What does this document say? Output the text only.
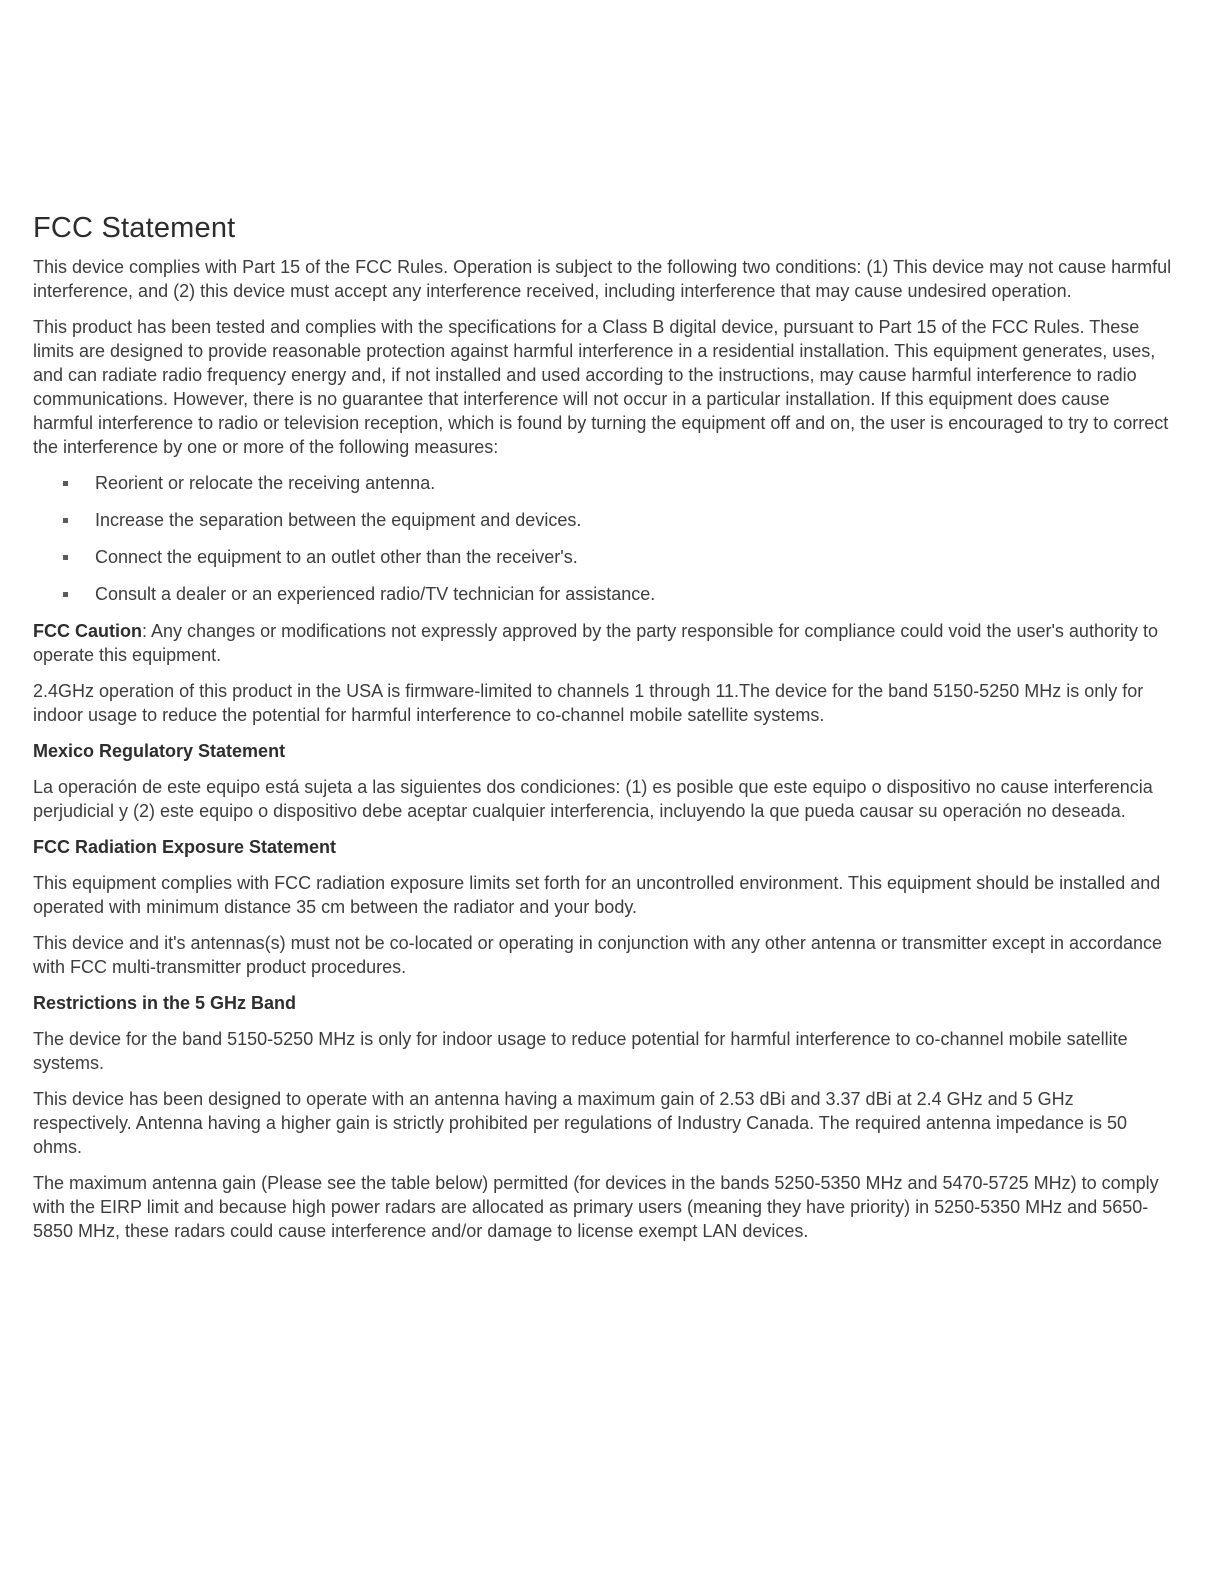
FCC Statement

This device complies with Part 15 of the FCC Rules. Operation is subject to the following two conditions: (1) This device may not cause harmful interference, and (2) this device must accept any interference received, including interference that may cause undesired operation.

This product has been tested and complies with the specifications for a Class B digital device, pursuant to Part 15 of the FCC Rules. These limits are designed to provide reasonable protection against harmful interference in a residential installation. This equipment generates, uses, and can radiate radio frequency energy and, if not installed and used according to the instructions, may cause harmful interference to radio communications. However, there is no guarantee that interference will not occur in a particular installation. If this equipment does cause harmful interference to radio or television reception, which is found by turning the equipment off and on, the user is encouraged to try to correct the interference by one or more of the following measures:

Reorient or relocate the receiving antenna.
Increase the separation between the equipment and devices.
Connect the equipment to an outlet other than the receiver's.
Consult a dealer or an experienced radio/TV technician for assistance.

FCC Caution: Any changes or modifications not expressly approved by the party responsible for compliance could void the user's authority to operate this equipment.

2.4GHz operation of this product in the USA is firmware-limited to channels 1 through 11.The device for the band 5150-5250 MHz is only for indoor usage to reduce the potential for harmful interference to co-channel mobile satellite systems.

Mexico Regulatory Statement

La operación de este equipo está sujeta a las siguientes dos condiciones: (1) es posible que este equipo o dispositivo no cause interferencia perjudicial y (2) este equipo o dispositivo debe aceptar cualquier interferencia, incluyendo la que pueda causar su operación no deseada.

FCC Radiation Exposure Statement

This equipment complies with FCC radiation exposure limits set forth for an uncontrolled environment. This equipment should be installed and operated with minimum distance 35 cm between the radiator and your body.

This device and it's antennas(s) must not be co-located or operating in conjunction with any other antenna or transmitter except in accordance with FCC multi-transmitter product procedures.

Restrictions in the 5 GHz Band

The device for the band 5150-5250 MHz is only for indoor usage to reduce potential for harmful interference to co-channel mobile satellite systems.

This device has been designed to operate with an antenna having a maximum gain of 2.53 dBi and 3.37 dBi at 2.4 GHz and 5 GHz respectively. Antenna having a higher gain is strictly prohibited per regulations of Industry Canada. The required antenna impedance is 50 ohms.

The maximum antenna gain (Please see the table below) permitted (for devices in the bands 5250-5350 MHz and 5470-5725 MHz) to comply with the EIRP limit and because high power radars are allocated as primary users (meaning they have priority) in 5250-5350 MHz and 5650-5850 MHz, these radars could cause interference and/or damage to license exempt LAN devices.
